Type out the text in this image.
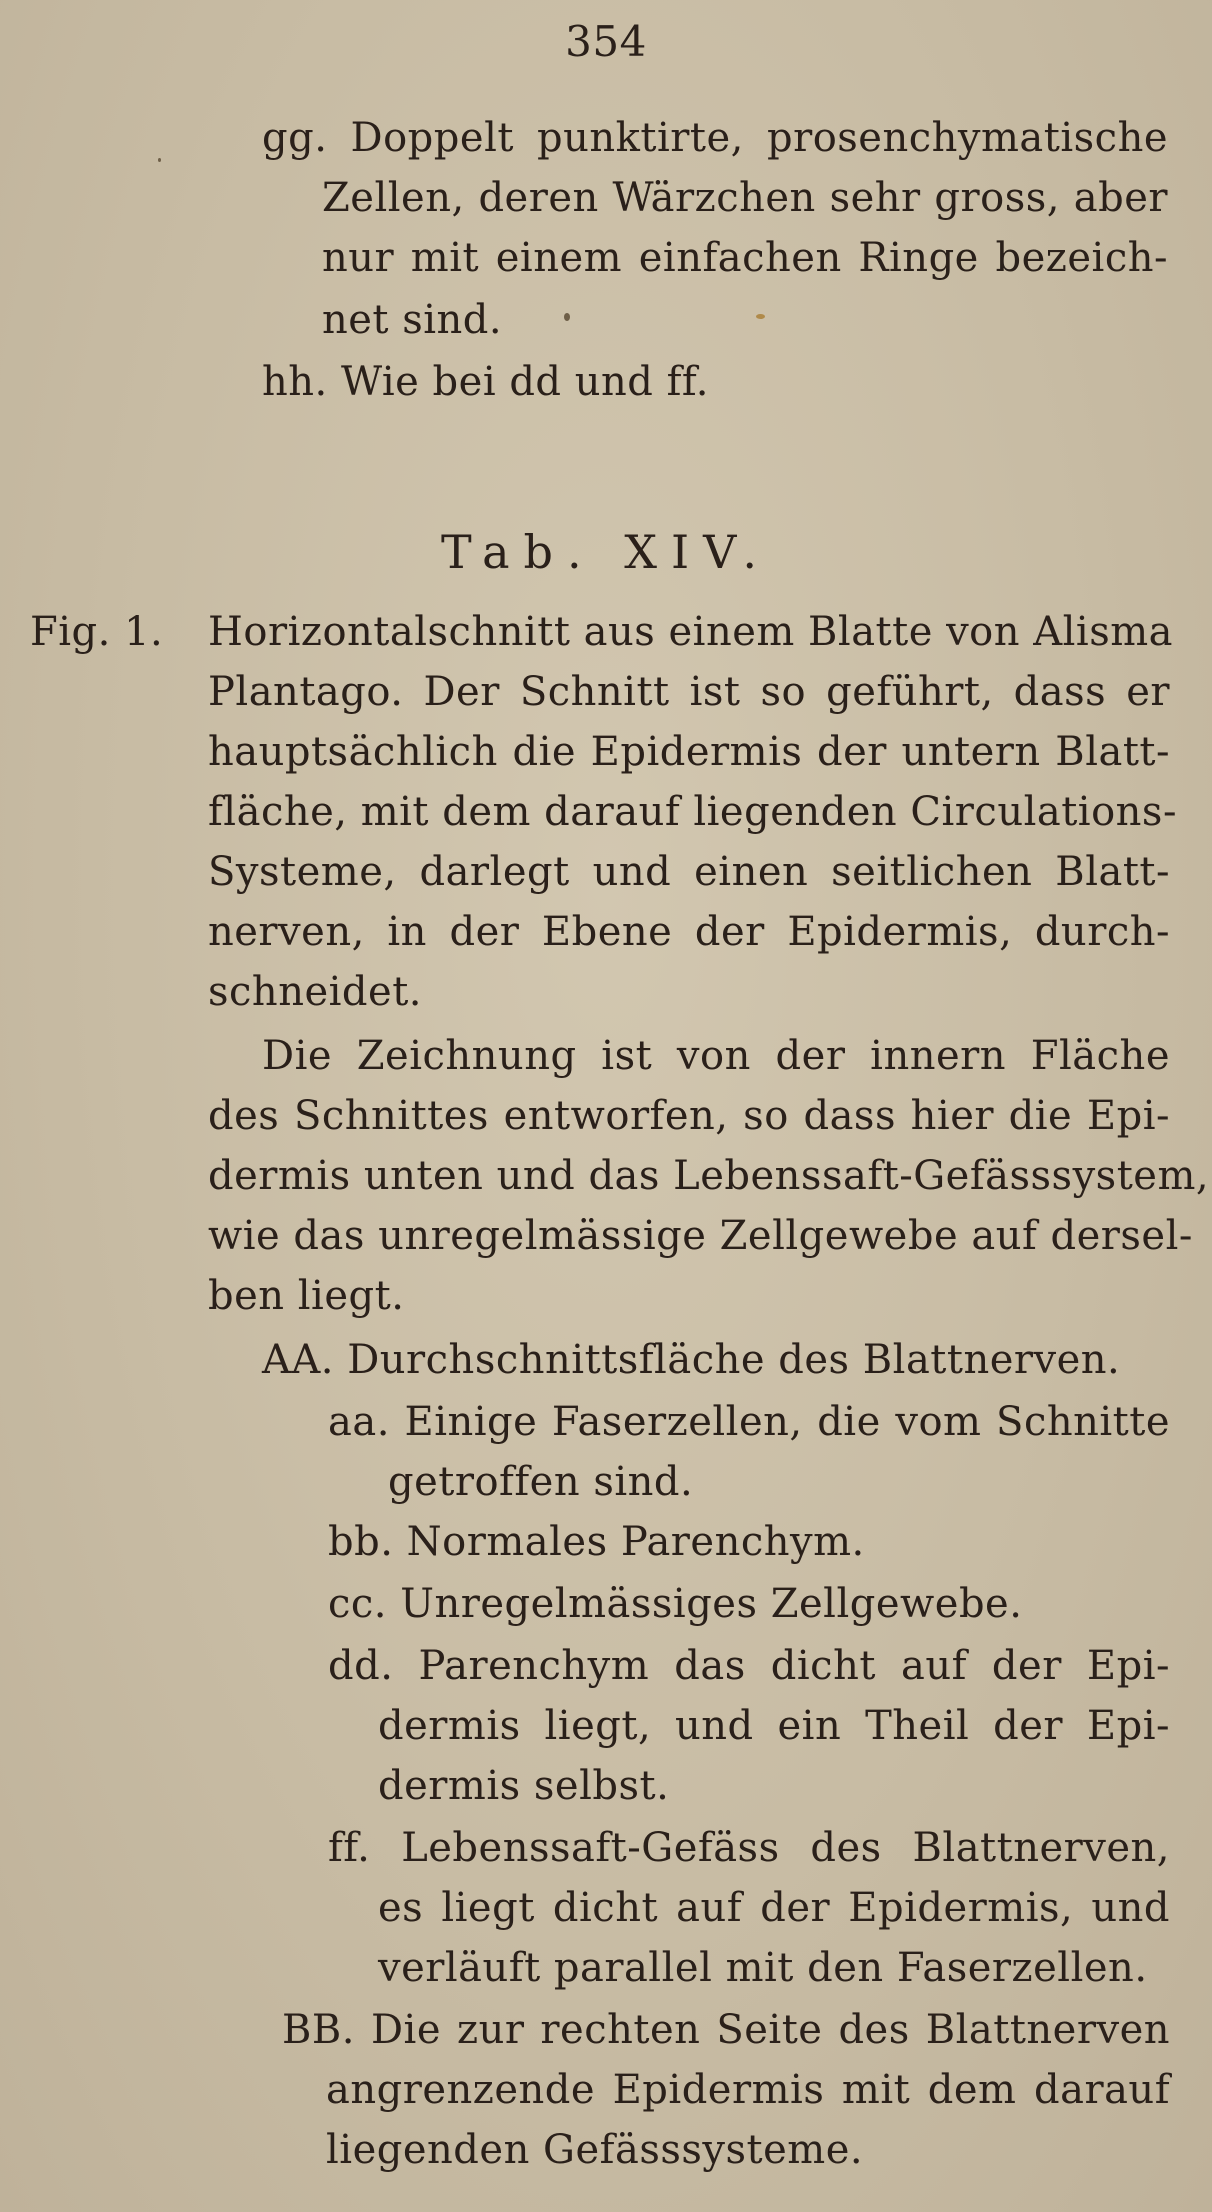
354
gg. Doppelt punktirte, prosenchymatische
Zellen, deren Wärzchen sehr gross, aber
nur mit einem einfachen Ringe bezeich-
net sind.
hh. Wie bei dd und ff.
Tab. XIV.
Fig. 1. Horizontalschnitt aus einem Blatte von Alisma
Plantago. Der Schnitt ist so geführt, dass er
hauptsächlich die Epidermis der untern Blatt-
fläche, mit dem darauf liegenden Circulations-
Systeme, darlegt und einen seitlichen Blatt-
nerven, in der Ebene der Epidermis, durch-
schneidet.
Die Zeichnung ist von der innern Fläche
des Schnittes entworfen, so dass hier die Epi-
dermis unten und das Lebenssaft-Gefässsystem,
wie das unregelmässige Zellgewebe auf dersel-
ben liegt.
AA. Durchschnittsfläche des Blattnerven.
aa. Einige Faserzellen, die vom Schnitte
getroffen sind.
bb. Normales Parenchym.
cc. Unregelmässiges Zellgewebe.
dd. Parenchym das dicht auf der Epi-
dermis liegt, und ein Theil der Epi-
dermis selbst.
ff. Lebenssaft-Gefäss des Blattnerven,
es liegt dicht auf der Epidermis, und
verläuft parallel mit den Faserzellen.
BB. Die zur rechten Seite des Blattnerven
angrenzende Epidermis mit dem darauf
liegenden Gefässsysteme.
